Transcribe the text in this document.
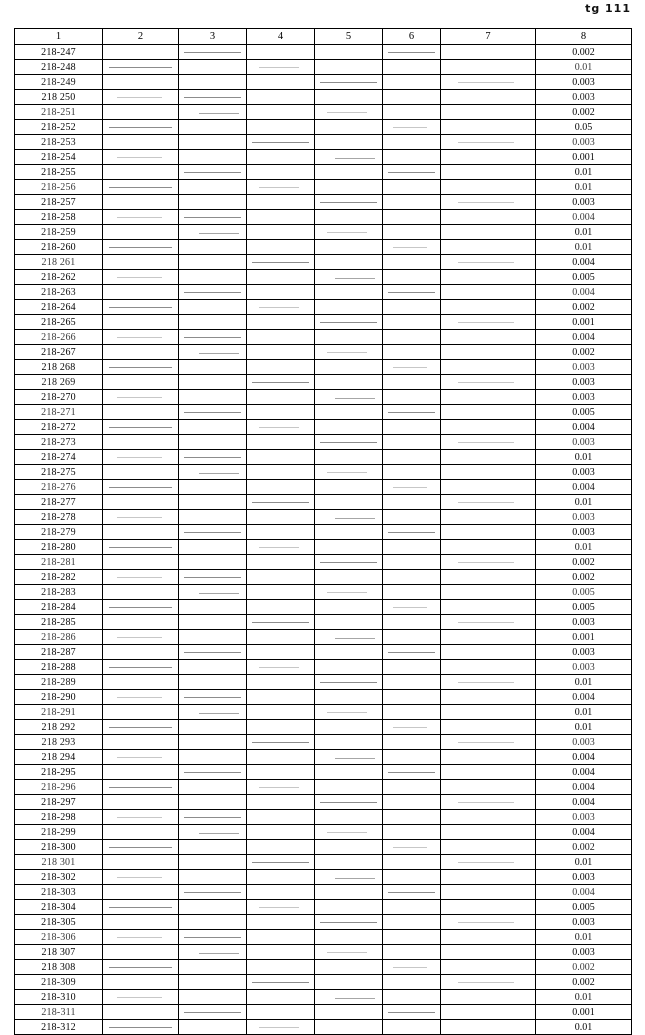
tg 111
1	2	3	4	5	6	7	8	
218-247							0.002	
218-248							0.01	
218-249							0.003	
218 250							0.003	
218-251							0.002	
218-252							0.05	
218-253							0.003	
218-254							0.001	
218-255							0.01	
218-256							0.01	
218-257							0.003	
218-258							0.004	
218-259							0.01	
218-260							0.01	
218 261							0.004	
218-262							0.005	
218-263							0.004	
218-264							0.002	
218-265							0.001	
218-266							0.004	
218-267							0.002	
218 268							0.003	
218 269							0.003	
218-270							0.003	
218-271							0.005	
218-272							0.004	
218-273							0.003	
218-274							0.01	
218-275							0.003	
218-276							0.004	
218-277							0.01	
218-278							0.003	
218-279							0.003	
218-280							0.01	
218-281							0.002	
218-282							0.002	
218-283							0.005	
218-284							0.005	
218-285							0.003	
218-286							0.001	
218-287							0.003	
218-288							0.003	
218-289							0.01	
218-290							0.004	
218-291							0.01	
218 292							0.01	
218 293							0.003	
218 294							0.004	
218-295							0.004	
218-296							0.004	
218-297							0.004	
218-298							0.003	
218-299							0.004	
218-300							0.002	
218 301							0.01	
218-302							0.003	
218-303							0.004	
218-304							0.005	
218-305							0.003	
218-306							0.01	
218 307							0.003	
218 308							0.002	
218-309							0.002	
218-310							0.01	
218-311							0.001	
218-312							0.01	
